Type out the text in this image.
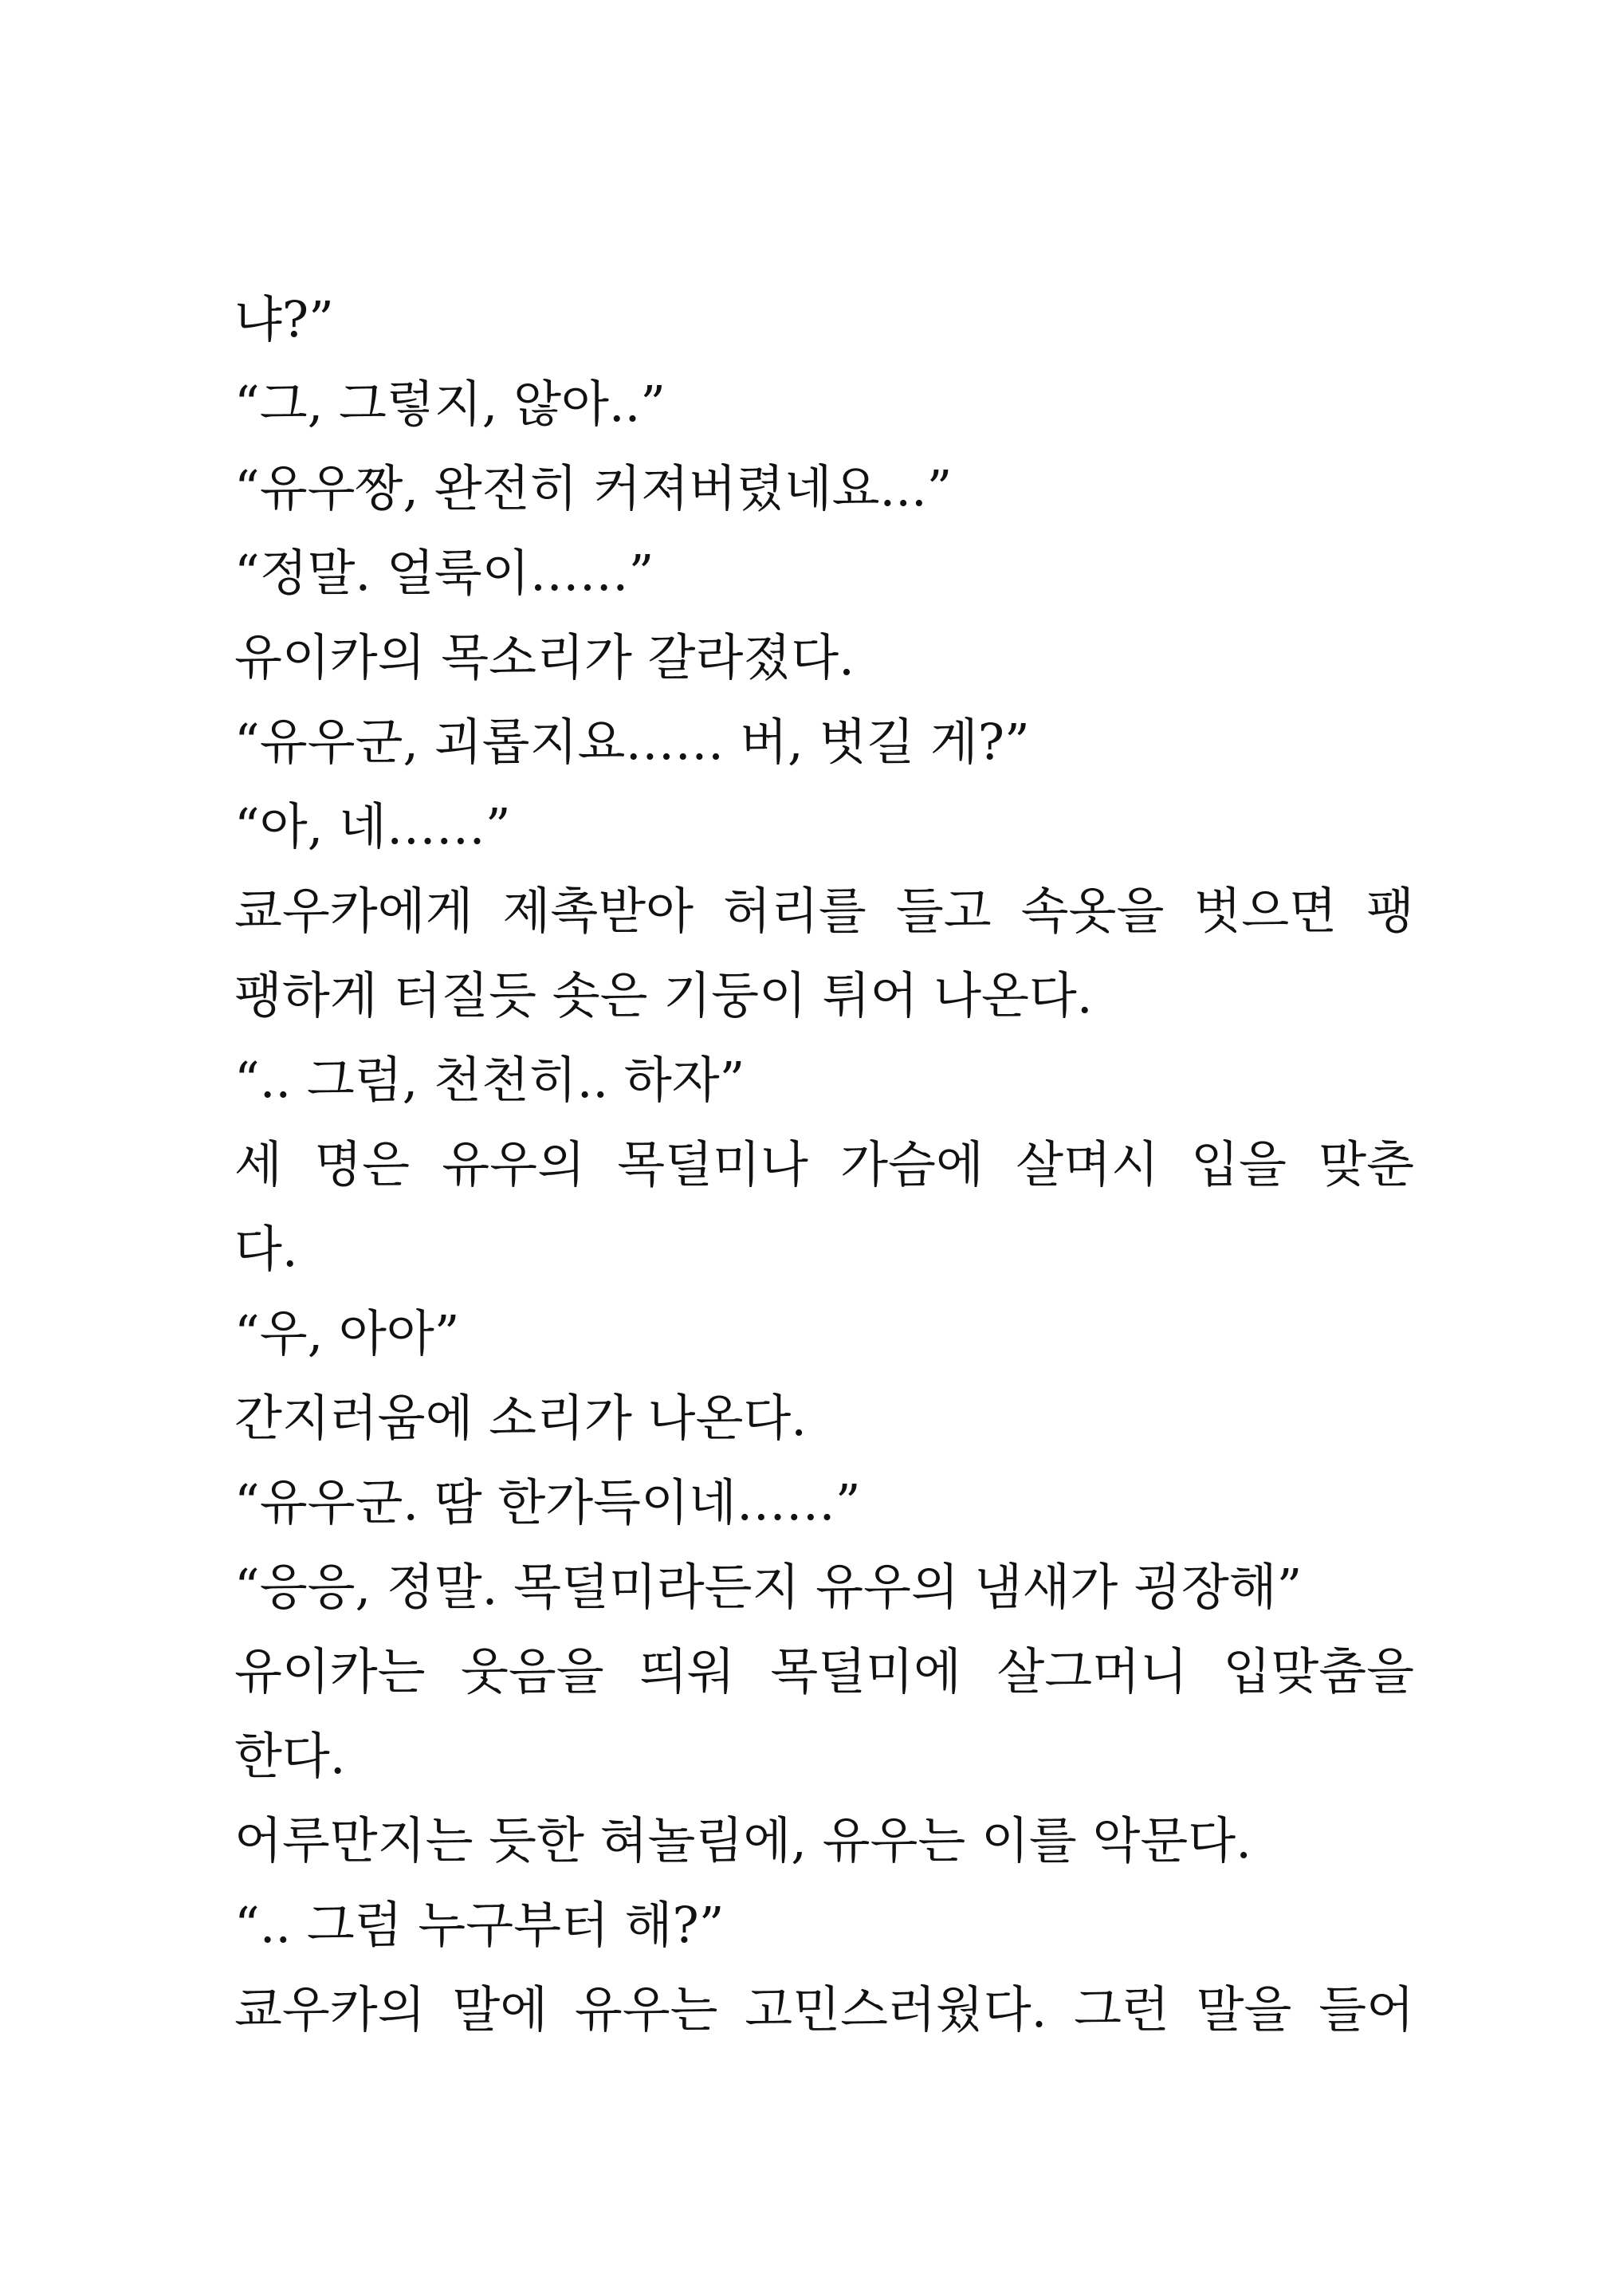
냐?”
“그, 그렇지, 않아..”
“유우짱, 완전히 커져버렸네요...”
“정말. 얼룩이……”
유이카의 목소리가 갈라졌다.
“유우군, 괴롭지요…… 버, 벗길 게?”
“아, 네……”
쿄우카에게 제촉받아 허리를 들고 속옷을 벗으면 팽
팽하게 터질듯 솟은 기둥이 튀어 나온다.
“.. 그럼, 천천히.. 하자”
세 명은 유우의 목덜미나 가슴에 살며시 입을 맞춘
다.
“우, 아아”
간지러움에 소리가 나온다.
“유우군. 땀 한가득이네……”
“응응, 정말. 목덜미라든지 유우의 냄새가 굉장해”
유이카는 웃음을 띄워 목덜미에 살그머니 입맞춤을
한다.
어루만지는 듯한 혀놀림에, 유우는 이를 악문다.
“.. 그럼 누구부터 해?”
쿄우카의 말에 유우는 고민스러웠다. 그런 말을 들어
